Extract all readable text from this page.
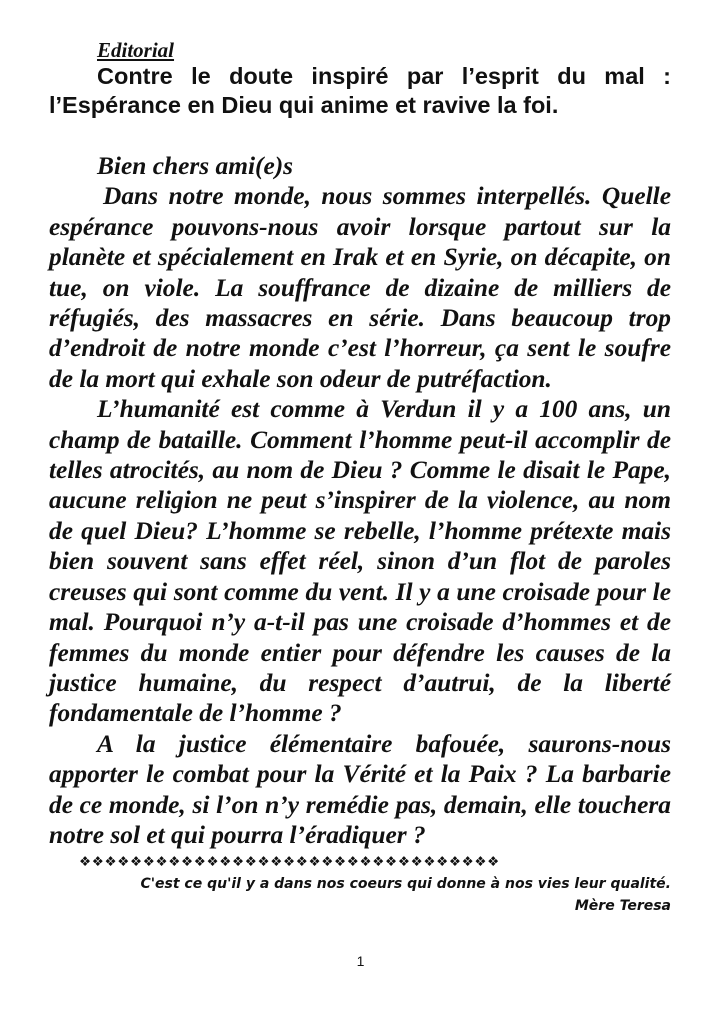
Editorial

Contre le doute inspiré par l’esprit du mal : l’Espérance en Dieu qui anime et ravive la foi.

Bien chers ami(e)s

Dans notre monde, nous sommes interpellés. Quelle espérance pouvons-nous avoir lorsque partout sur la planète et spécialement en Irak et en Syrie, on décapite, on tue, on viole. La souffrance de dizaine de milliers de réfugiés, des massacres en série. Dans beaucoup trop d’endroit de notre monde c’est l’horreur, ça sent le soufre de la mort qui exhale son odeur de putréfaction.

L’humanité est comme à Verdun il y a 100 ans, un champ de bataille. Comment l’homme peut-il accomplir de telles atrocités, au nom de Dieu ? Comme le disait le Pape, aucune religion ne peut s’inspirer de la violence, au nom de quel Dieu? L’homme se rebelle, l’homme prétexte mais bien souvent sans effet réel, sinon d’un flot de paroles creuses qui sont comme du vent. Il y a une croisade pour le mal. Pourquoi n’y a-t-il pas une croisade d’hommes et de femmes du monde entier pour défendre les causes de la justice humaine, du respect d’autrui, de la liberté fondamentale de l’homme ?

A la justice élémentaire bafouée, saurons-nous apporter le combat pour la Vérité et la Paix ? La barbarie de ce monde, si l’on n’y remédie pas, demain, elle touchera notre sol et qui pourra l’éradiquer ?

❖❖❖❖❖❖❖❖❖❖❖❖❖❖❖❖❖❖❖❖❖❖❖❖❖❖❖❖❖❖❖❖❖

C'est ce qu'il y a dans nos coeurs qui donne à nos vies leur qualité.

Mère Teresa

1
